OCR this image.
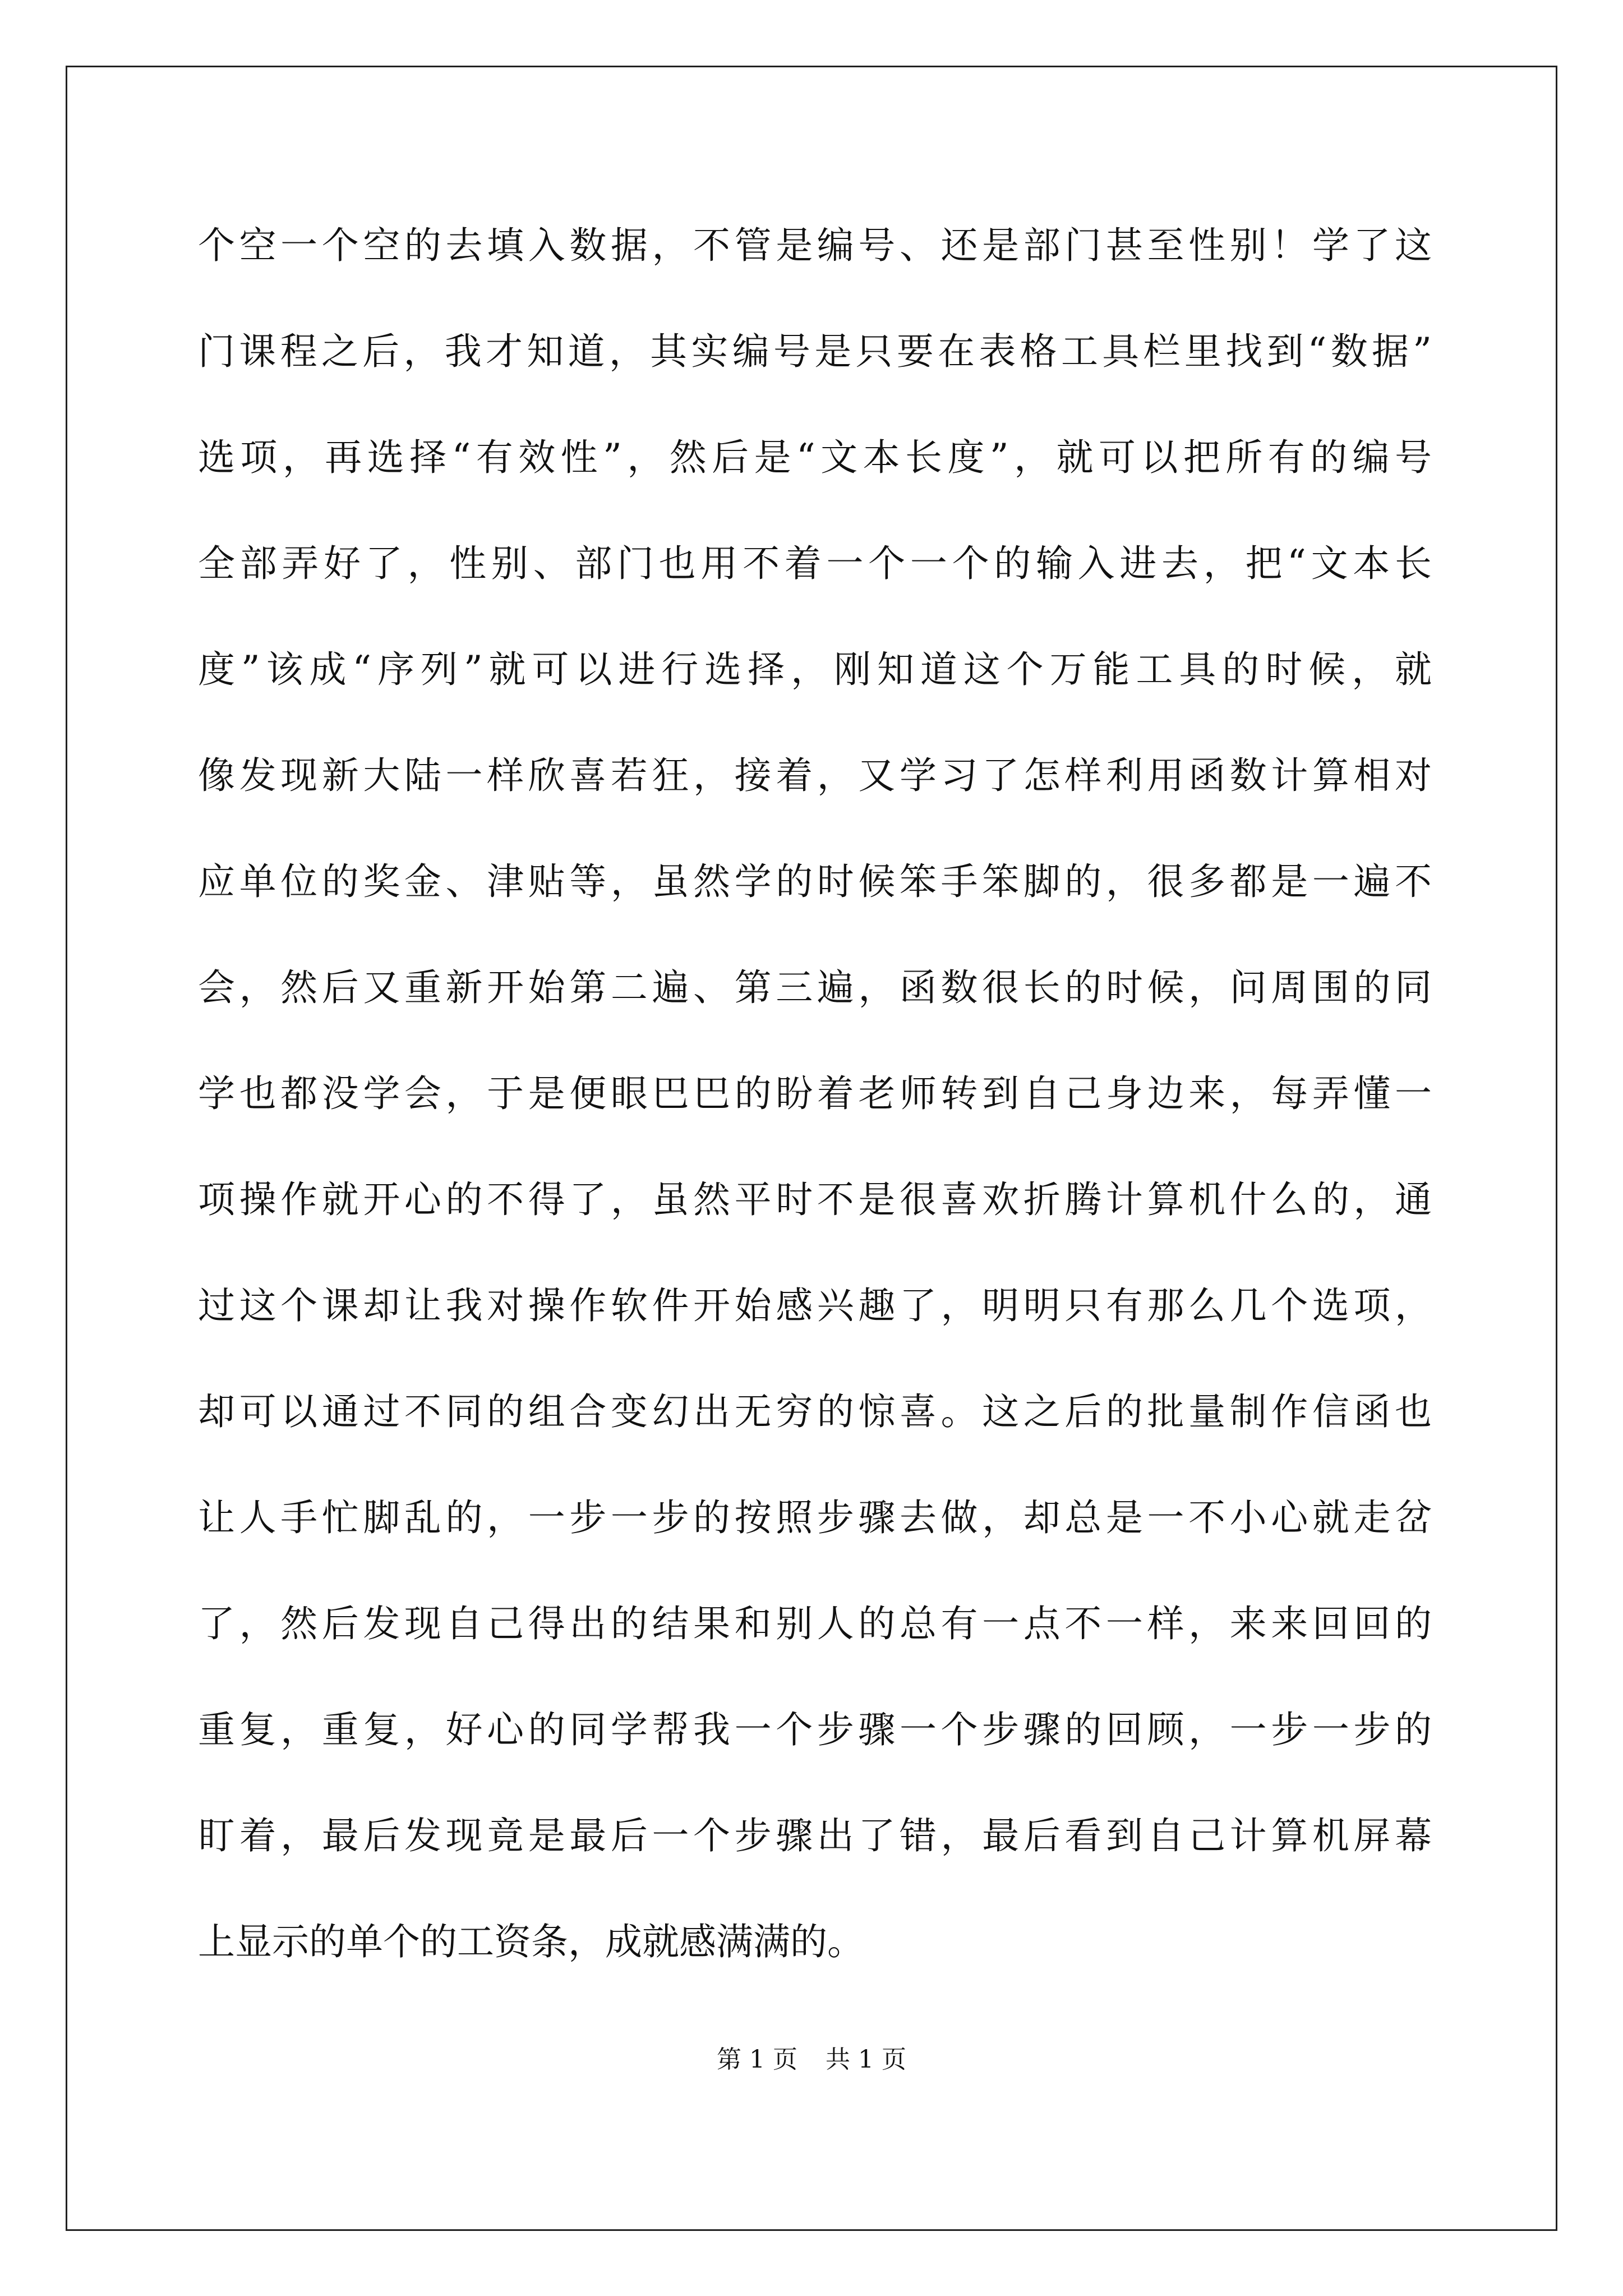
个空一个空的去填入数据，不管是编号、还是部门甚至性别！学了这
门课程之后，我才知道，其实编号是只要在表格工具栏里找到“数据”
选项，再选择“有效性”，然后是“文本长度”，就可以把所有的编号
全部弄好了，性别、部门也用不着一个一个的输入进去，把“文本长
度”该成“序列”就可以进行选择，刚知道这个万能工具的时候，就
像发现新大陆一样欣喜若狂，接着，又学习了怎样利用函数计算相对
应单位的奖金、津贴等，虽然学的时候笨手笨脚的，很多都是一遍不
会，然后又重新开始第二遍、第三遍，函数很长的时候，问周围的同
学也都没学会，于是便眼巴巴的盼着老师转到自己身边来，每弄懂一
项操作就开心的不得了，虽然平时不是很喜欢折腾计算机什么的，通
过这个课却让我对操作软件开始感兴趣了，明明只有那么几个选项，
却可以通过不同的组合变幻出无穷的惊喜。这之后的批量制作信函也
让人手忙脚乱的，一步一步的按照步骤去做，却总是一不小心就走岔
了，然后发现自己得出的结果和别人的总有一点不一样，来来回回的
重复，重复，好心的同学帮我一个步骤一个步骤的回顾，一步一步的
盯着，最后发现竟是最后一个步骤出了错，最后看到自己计算机屏幕
上显示的单个的工资条，成就感满满的。
第 1 页 共 1 页
